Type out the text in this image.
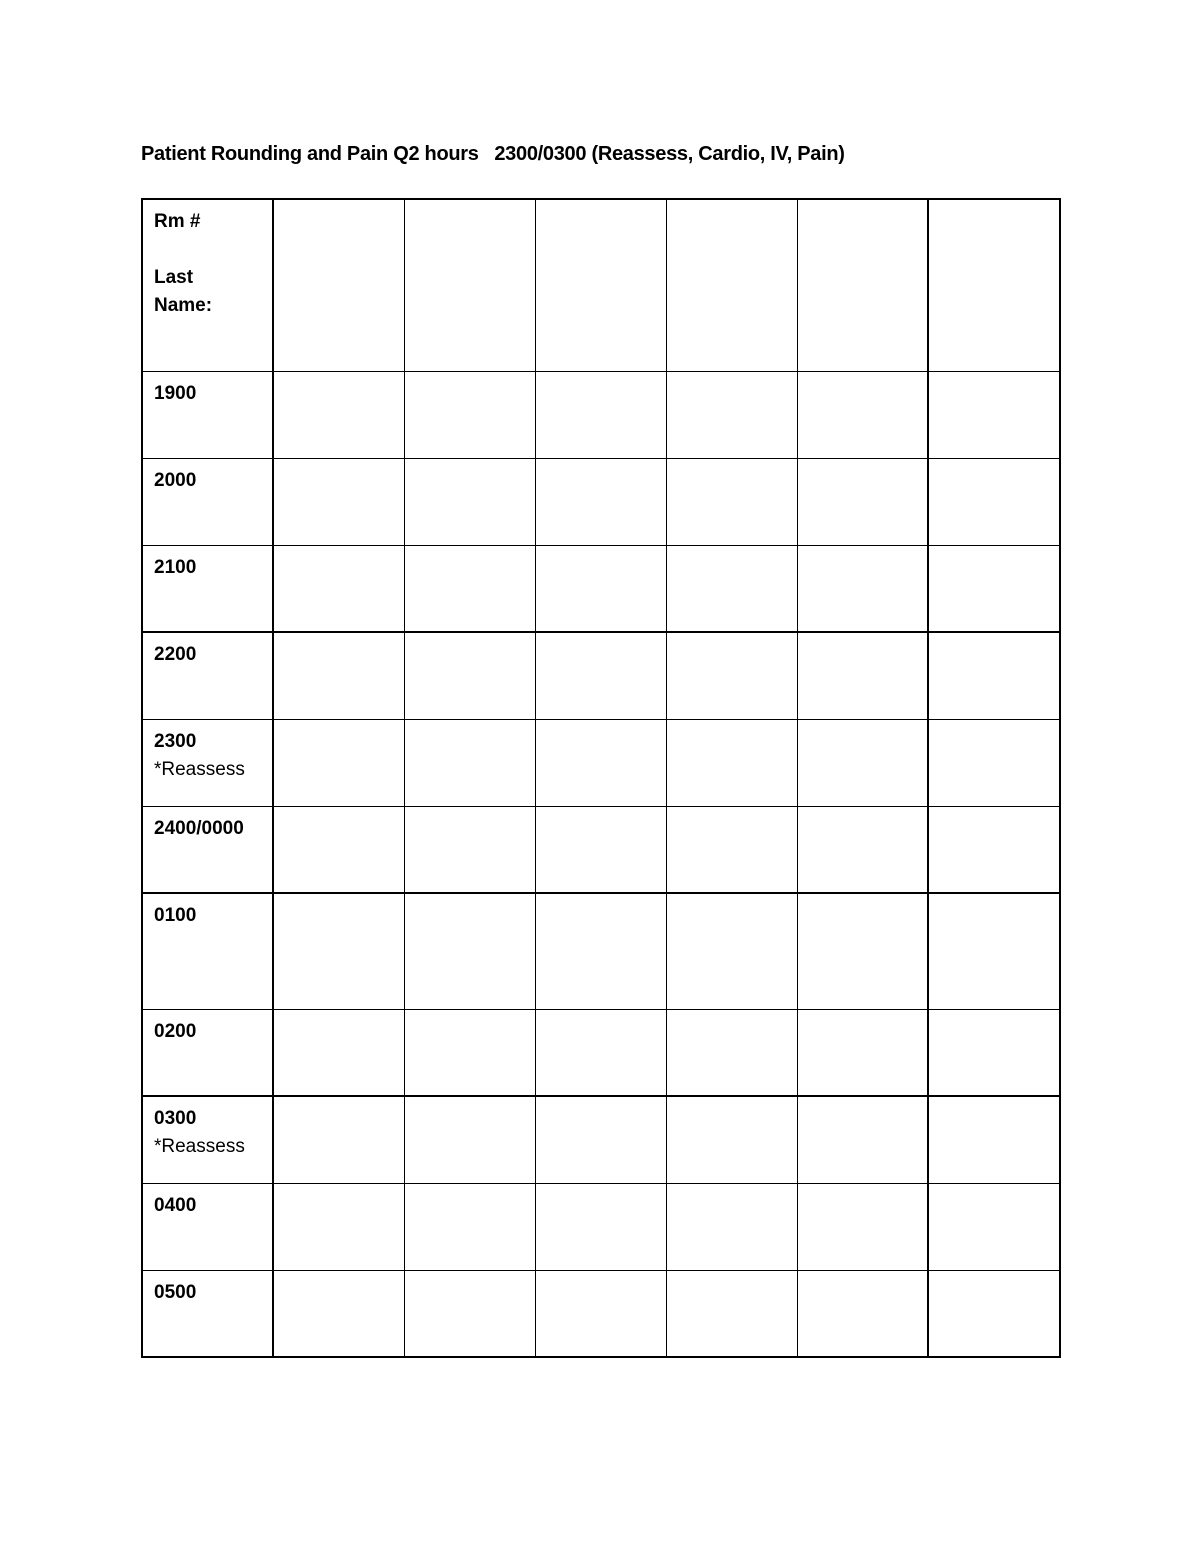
Patient Rounding and Pain Q2 hours   2300/0300 (Reassess, Cardio, IV, Pain)
Rm #
Last Name:						

1900						

2000						

2100						

2200						

2300
*Reassess						

2400/0000						

0100						

0200						

0300
*Reassess						

0400						

0500						
